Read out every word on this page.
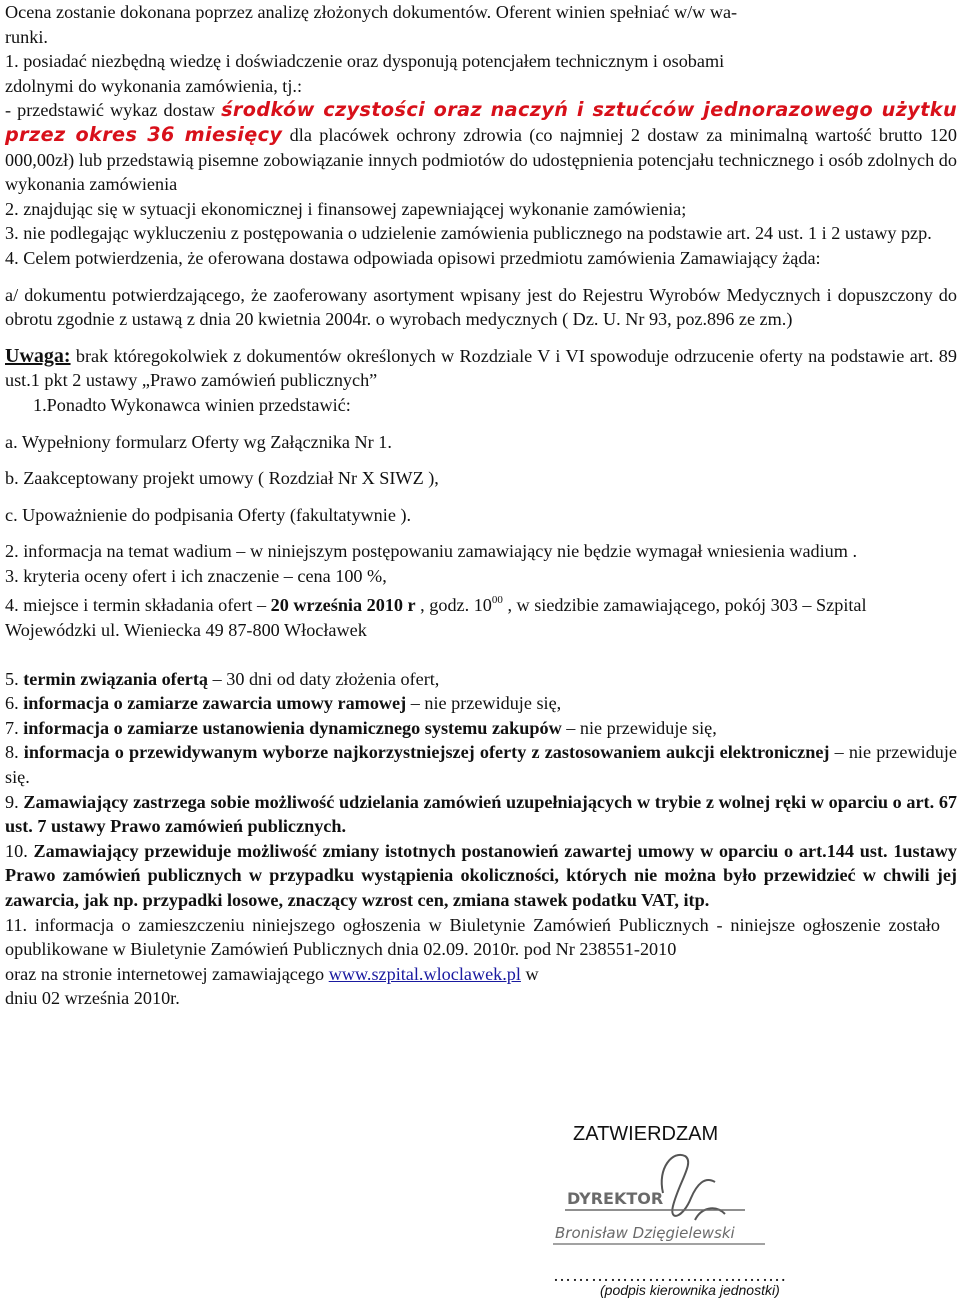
Ocena zostanie dokonana poprzez analizę złożonych dokumentów. Oferent winien spełniać w/w wa-
runki.

1. posiadać niezbędną wiedzę i doświadczenie oraz dysponują potencjałem technicznym i osobami zdolnymi do wykonania zamówienia, tj.:

- przedstawić wykaz dostaw środków czystości oraz naczyń i sztućców jednorazowego użytku przez okres 36 miesięcy dla placówek ochrony zdrowia (co najmniej 2 dostaw za minimalną wartość brutto 120 000,00zł) lub przedstawią pisemne zobowiązanie innych podmiotów do udostępnienia potencjału technicznego i osób zdolnych do wykonania zamówienia

2. znajdując się w sytuacji ekonomicznej i finansowej zapewniającej wykonanie zamówienia;

3. nie podlegając wykluczeniu z postępowania o udzielenie zamówienia publicznego na podstawie art. 24 ust. 1 i 2 ustawy pzp.

4. Celem potwierdzenia, że oferowana dostawa odpowiada opisowi przedmiotu zamówienia Zamawiający żąda:

a/ dokumentu potwierdzającego, że zaoferowany asortyment wpisany jest do Rejestru Wyrobów Medycznych i dopuszczony do obrotu zgodnie z ustawą z dnia 20 kwietnia 2004r. o wyrobach medycznych ( Dz. U. Nr 93, poz.896 ze zm.)

Uwaga: brak któregokolwiek z dokumentów określonych w Rozdziale V i VI spowoduje odrzucenie oferty na podstawie art. 89 ust.1 pkt 2 ustawy „Prawo zamówień publicznych”

1.Ponadto Wykonawca winien przedstawić:

a. Wypełniony formularz Oferty wg Załącznika Nr 1.

b. Zaakceptowany projekt umowy ( Rozdział Nr X SIWZ ),

c. Upoważnienie do podpisania Oferty (fakultatywnie ).

2. informacja na temat wadium – w niniejszym postępowaniu zamawiający nie będzie wymagał wniesienia wadium .

3. kryteria oceny ofert i ich znaczenie – cena 100 %,

4. miejsce i termin składania ofert – 20 września 2010 r , godz. $10^{00}$ , w siedzibie zamawiającego, pokój 303 – Szpital Wojewódzki ul. Wieniecka 49 87-800 Włocławek

5. termin związania ofertą – 30 dni od daty złożenia ofert,

6. informacja o zamiarze zawarcia umowy ramowej – nie przewiduje się,

7. informacja o zamiarze ustanowienia dynamicznego systemu zakupów – nie przewiduje się,

8. informacja o przewidywanym wyborze najkorzystniejszej oferty z zastosowaniem aukcji elektronicznej – nie przewiduje się.

9. Zamawiający zastrzega sobie możliwość udzielania zamówień uzupełniających w trybie z wolnej ręki w oparciu o art. 67 ust. 7 ustawy Prawo zamówień publicznych.

10. Zamawiający przewiduje możliwość zmiany istotnych postanowień zawartej umowy w oparciu o art.144 ust. 1ustawy Prawo zamówień publicznych w przypadku wystąpienia okoliczności, których nie można było przewidzieć w chwili jej zawarcia, jak np. przypadki losowe, znaczący wzrost cen, zmiana stawek podatku VAT, itp.

11. informacja o zamieszczeniu niniejszego ogłoszenia w Biuletynie Zamówień Publicznych - niniejsze ogłoszenie zostało opublikowane w Biuletynie Zamówień Publicznych dnia 02.09. 2010r. pod Nr 238551-2010

oraz na stronie internetowej zamawiającego www.szpital.wloclawek.pl w

dniu 02 września 2010r.

ZATWIERDZAM
DYREKTOR
Bronisław Dzięgielewski
……………………………….
(podpis kierownika jednostki)
